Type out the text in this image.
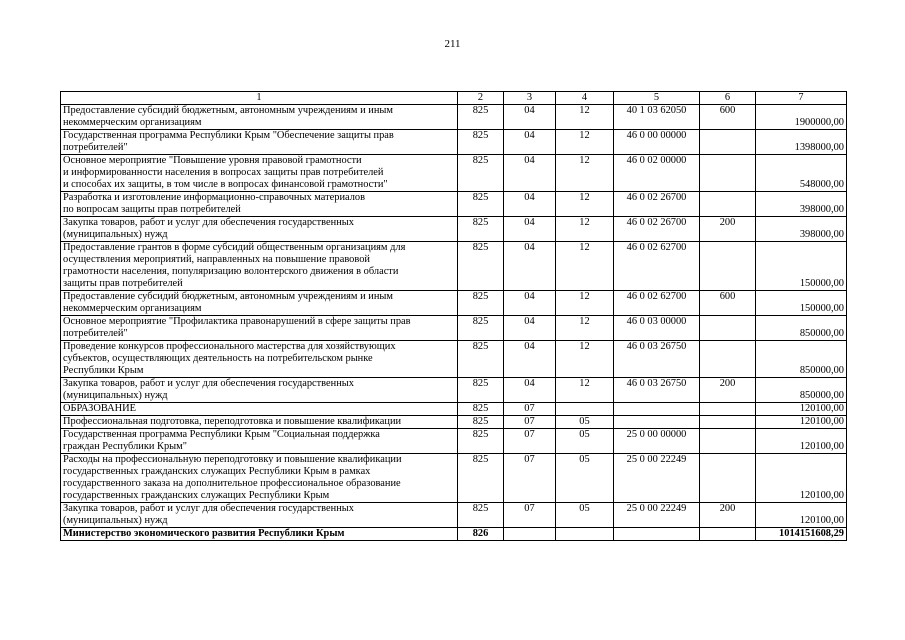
211
1	2	3	4	5	6	7
Предоставление субсидий бюджетным, автономным учреждениям и иным
некоммерческим организациям	825	04	12	40 1 03 62050	600	1900000,00
Государственная программа Республики Крым "Обеспечение защиты прав
потребителей"	825	04	12	46 0 00 00000		1398000,00
Основное мероприятие "Повышение уровня правовой грамотности
и информированности населения в вопросах защиты прав потребителей
и способах их защиты, в том числе в вопросах финансовой грамотности"	825	04	12	46 0 02 00000		548000,00
Разработка и изготовление информационно-справочных материалов
по вопросам защиты прав потребителей	825	04	12	46 0 02 26700		398000,00
Закупка товаров, работ и услуг для обеспечения государственных
(муниципальных) нужд	825	04	12	46 0 02 26700	200	398000,00
Предоставление грантов в форме субсидий общественным организациям для
осуществления мероприятий, направленных на повышение правовой
грамотности населения, популяризацию волонтерского движения в области
защиты прав потребителей	825	04	12	46 0 02 62700		150000,00
Предоставление субсидий бюджетным, автономным учреждениям и иным
некоммерческим организациям	825	04	12	46 0 02 62700	600	150000,00
Основное мероприятие "Профилактика правонарушений в сфере защиты прав
потребителей"	825	04	12	46 0 03 00000		850000,00
Проведение конкурсов профессионального мастерства для хозяйствующих
субъектов, осуществляющих деятельность на потребительском рынке
Республики Крым	825	04	12	46 0 03 26750		850000,00
Закупка товаров, работ и услуг для обеспечения государственных
(муниципальных) нужд	825	04	12	46 0 03 26750	200	850000,00
ОБРАЗОВАНИЕ	825	07				120100,00
Профессиональная подготовка, переподготовка и повышение квалификации	825	07	05			120100,00
Государственная программа Республики Крым "Социальная поддержка
граждан Республики Крым"	825	07	05	25 0 00 00000		120100,00
Расходы на профессиональную переподготовку и повышение квалификации
государственных гражданских служащих Республики Крым в рамках
государственного заказа на дополнительное профессиональное образование
государственных гражданских служащих Республики Крым	825	07	05	25 0 00 22249		120100,00
Закупка товаров, работ и услуг для обеспечения государственных
(муниципальных) нужд	825	07	05	25 0 00 22249	200	120100,00
Министерство экономического развития Республики Крым	826					1014151608,29
